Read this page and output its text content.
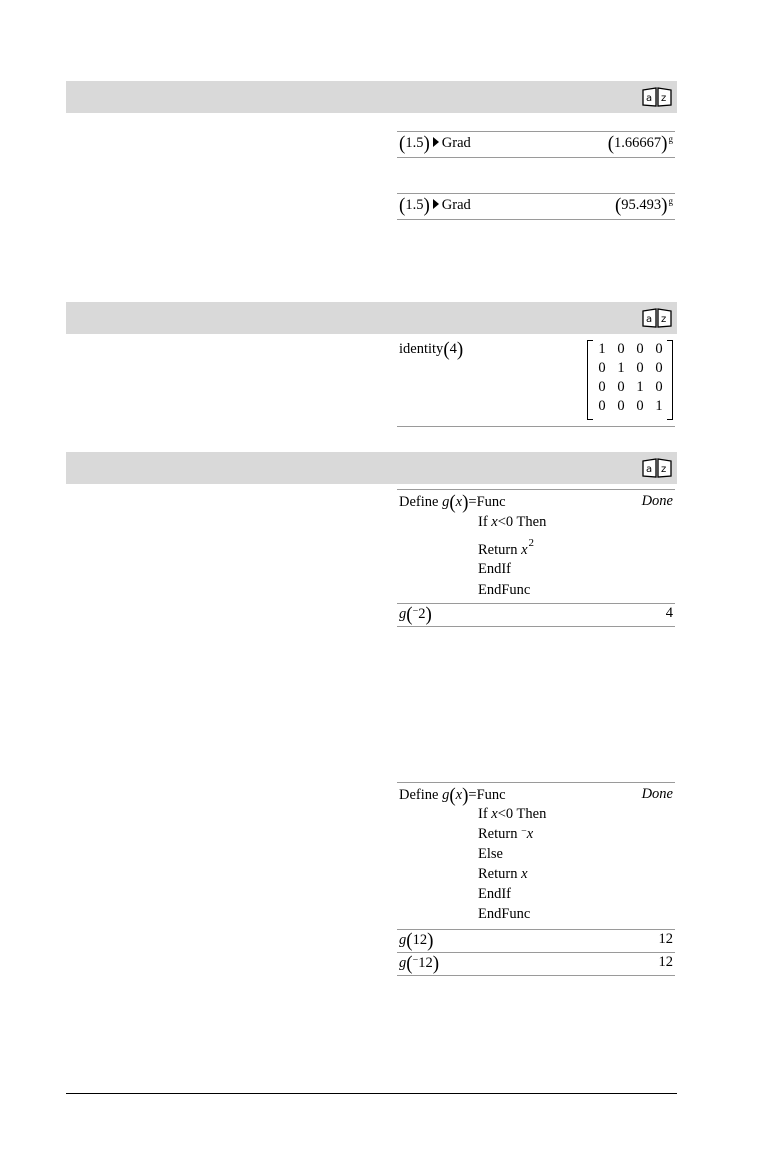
a z
(1.5) Grad	$(1.66667)^g$
(1.5) Grad	$(95.493)^g$
a z
identity(4)	1 0 0 0
0 1 0 0
0 0 1 0
0 0 0 1
a z
Define g(x)=Func	Done
If x<0 Then
Return $x^2$
EndIf
EndFunc
g(−2)	4
Define g(x)=Func	Done
If x<0 Then
Return −x
Else
Return x
EndIf
EndFunc
g(12)	12
g(−12)	12
